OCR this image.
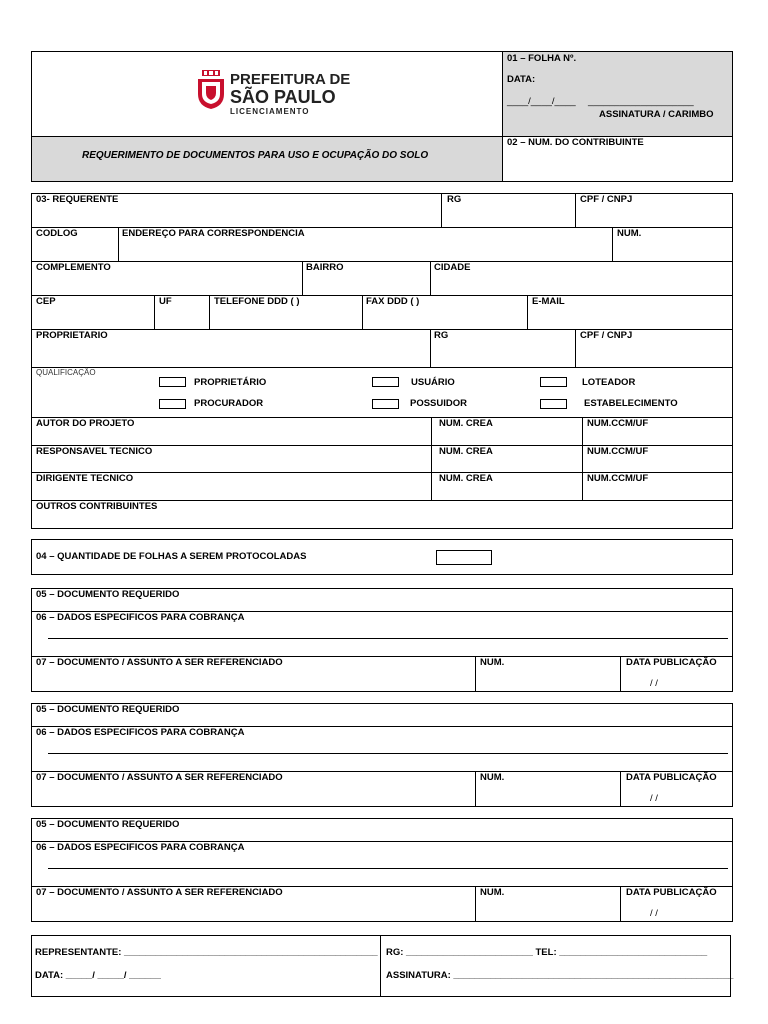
PREFEITURA DE
SÃO PAULO
LICENCIAMENTO
01 – FOLHA Nº.
DATA:
____/____/____ ____________________
ASSINATURA / CARIMBO
REQUERIMENTO DE DOCUMENTOS PARA USO E OCUPAÇÃO DO SOLO
02 – NUM. DO CONTRIBUINTE
03- REQUERENTE	RG	CPF / CNPJ
CODLOG	ENDEREÇO PARA CORRESPONDENCIA	NUM.
COMPLEMENTO	BAIRRO	CIDADE
CEP	UF	TELEFONE DDD ( )	FAX DDD ( )	E-MAIL
PROPRIETARIO	RG	CPF / CNPJ
QUALIFICAÇÃO
PROPRIETÁRIO	USUÁRIO	LOTEADOR
PROCURADOR	POSSUIDOR	ESTABELECIMENTO
AUTOR DO PROJETO	NUM. CREA	NUM.CCM/UF
RESPONSAVEL TECNICO	NUM. CREA	NUM.CCM/UF
DIRIGENTE TECNICO	NUM. CREA	NUM.CCM/UF
OUTROS CONTRIBUINTES
04 – QUANTIDADE DE FOLHAS A SEREM PROTOCOLADAS
05 – DOCUMENTO REQUERIDO
06 – DADOS ESPECIFICOS PARA COBRANÇA
07 – DOCUMENTO / ASSUNTO A SER REFERENCIADO	NUM.	DATA PUBLICAÇÃO
/ /
05 – DOCUMENTO REQUERIDO
06 – DADOS ESPECIFICOS PARA COBRANÇA
07 – DOCUMENTO / ASSUNTO A SER REFERENCIADO	NUM.	DATA PUBLICAÇÃO
/ /
05 – DOCUMENTO REQUERIDO
06 – DADOS ESPECIFICOS PARA COBRANÇA
07 – DOCUMENTO / ASSUNTO A SER REFERENCIADO	NUM.	DATA PUBLICAÇÃO
/ /
REPRESENTANTE: ________________________________________________ RG: ________________________ TEL: ____________________________
DATA: _____/ _____/ ______	ASSINATURA: _____________________________________________________
